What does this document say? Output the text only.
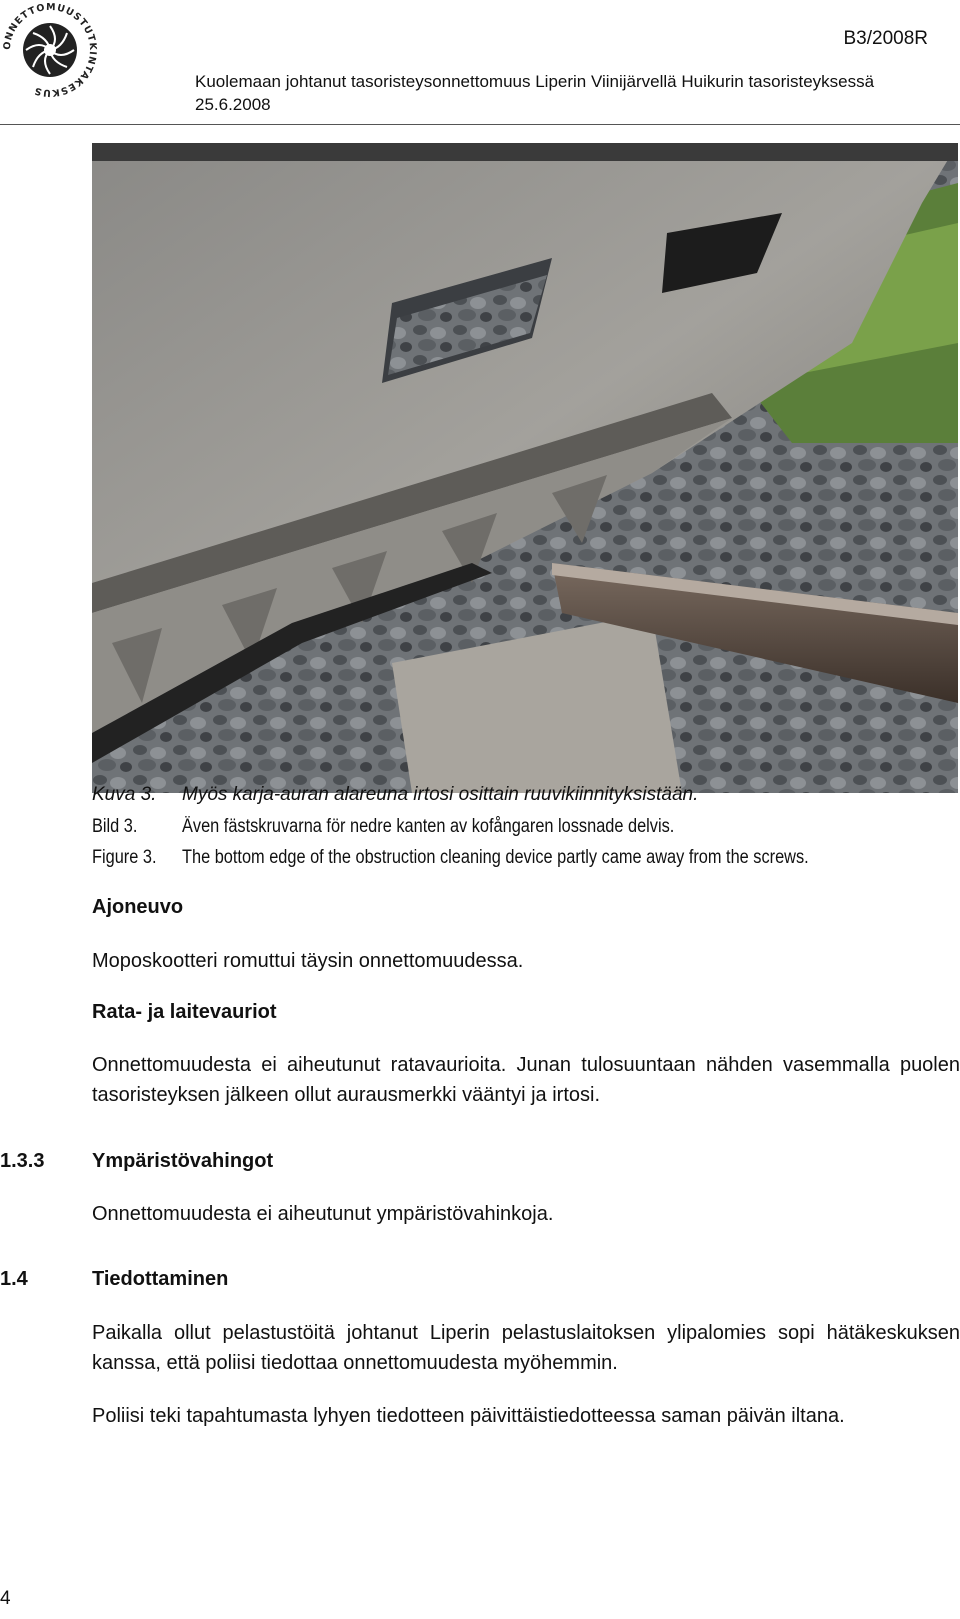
ONNETTOMUUSTUTKINTAKESKUS
B3/2008R
Kuolemaan johtanut tasoristeysonnettomuus Liperin Viinijärvellä Huikurin tasoristeyksessä 25.6.2008
Kuva 3. Myös karja-auran alareuna irtosi osittain ruuvikiinnityksistään.
Bild 3. Även fästskruvarna för nedre kanten av kofångaren lossnade delvis.
Figure 3. The bottom edge of the obstruction cleaning device partly came away from the screws.
Ajoneuvo
Moposkootteri romuttui täysin onnettomuudessa.
Rata- ja laitevauriot
Onnettomuudesta ei aiheutunut ratavaurioita. Junan tulosuuntaan nähden vasemmalla puolen tasoristeyksen jälkeen ollut aurausmerkki vääntyi ja irtosi.
1.3.3 Ympäristövahingot
Onnettomuudesta ei aiheutunut ympäristövahinkoja.
1.4	Tiedottaminen
Paikalla ollut pelastustöitä johtanut Liperin pelastuslaitoksen ylipalomies sopi hätäkeskuksen kanssa, että poliisi tiedottaa onnettomuudesta myöhemmin.
Poliisi teki tapahtumasta lyhyen tiedotteen päivittäistiedotteessa saman päivän iltana.
4
